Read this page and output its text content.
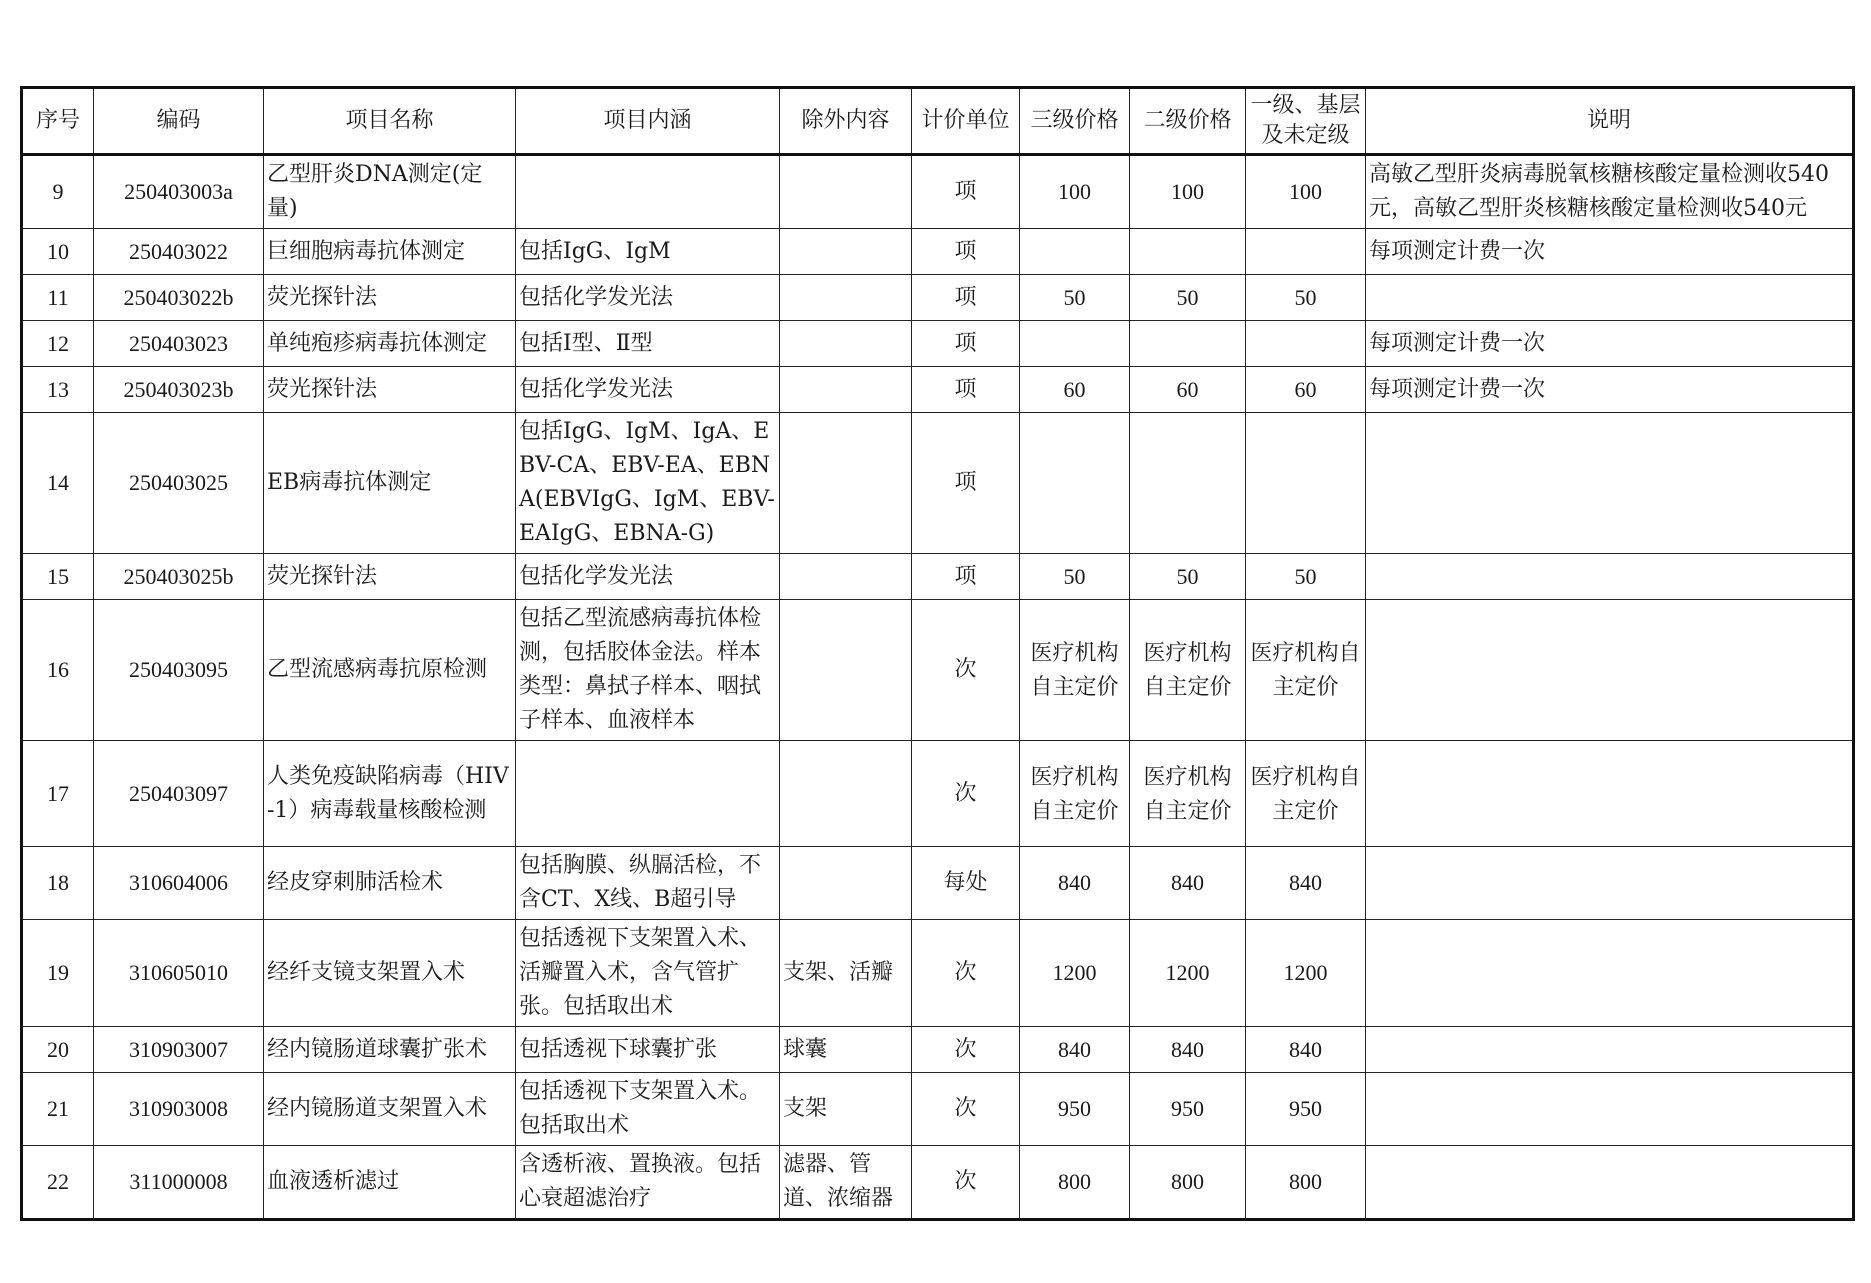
序号	编码	项目名称	项目内涵	除外内容	计价单位	三级价格	二级价格	一级、基层及未定级	说明
9	250403003a	乙型肝炎DNA测定(定量)			项	100	100	100	高敏乙型肝炎病毒脱氧核糖核酸定量检测收540元，高敏乙型肝炎核糖核酸定量检测收540元
10	250403022	巨细胞病毒抗体测定	包括IgG、IgM		项				每项测定计费一次
11	250403022b	荧光探针法	包括化学发光法		项	50	50	50	
12	250403023	单纯疱疹病毒抗体测定	包括Ⅰ型、Ⅱ型		项				每项测定计费一次
13	250403023b	荧光探针法	包括化学发光法		项	60	60	60	每项测定计费一次
14	250403025	EB病毒抗体测定	包括IgG、IgM、IgA、EBV-CA、EBV-EA、EBNA(EBVIgG、IgM、EBV-EAIgG、EBNA-G)		项				
15	250403025b	荧光探针法	包括化学发光法		项	50	50	50	
16	250403095	乙型流感病毒抗原检测	包括乙型流感病毒抗体检测，包括胶体金法。样本类型：鼻拭子样本、咽拭子样本、血液样本		次	医疗机构自主定价	医疗机构自主定价	医疗机构自主定价	
17	250403097	人类免疫缺陷病毒（HIV-1）病毒载量核酸检测			次	医疗机构自主定价	医疗机构自主定价	医疗机构自主定价	
18	310604006	经皮穿刺肺活检术	包括胸膜、纵膈活检，不含CT、X线、B超引导		每处	840	840	840	
19	310605010	经纤支镜支架置入术	包括透视下支架置入术、活瓣置入术，含气管扩张。包括取出术	支架、活瓣	次	1200	1200	1200	
20	310903007	经内镜肠道球囊扩张术	包括透视下球囊扩张	球囊	次	840	840	840	
21	310903008	经内镜肠道支架置入术	包括透视下支架置入术。包括取出术	支架	次	950	950	950	
22	311000008	血液透析滤过	含透析液、置换液。包括心衰超滤治疗	滤器、管道、浓缩器	次	800	800	800	
